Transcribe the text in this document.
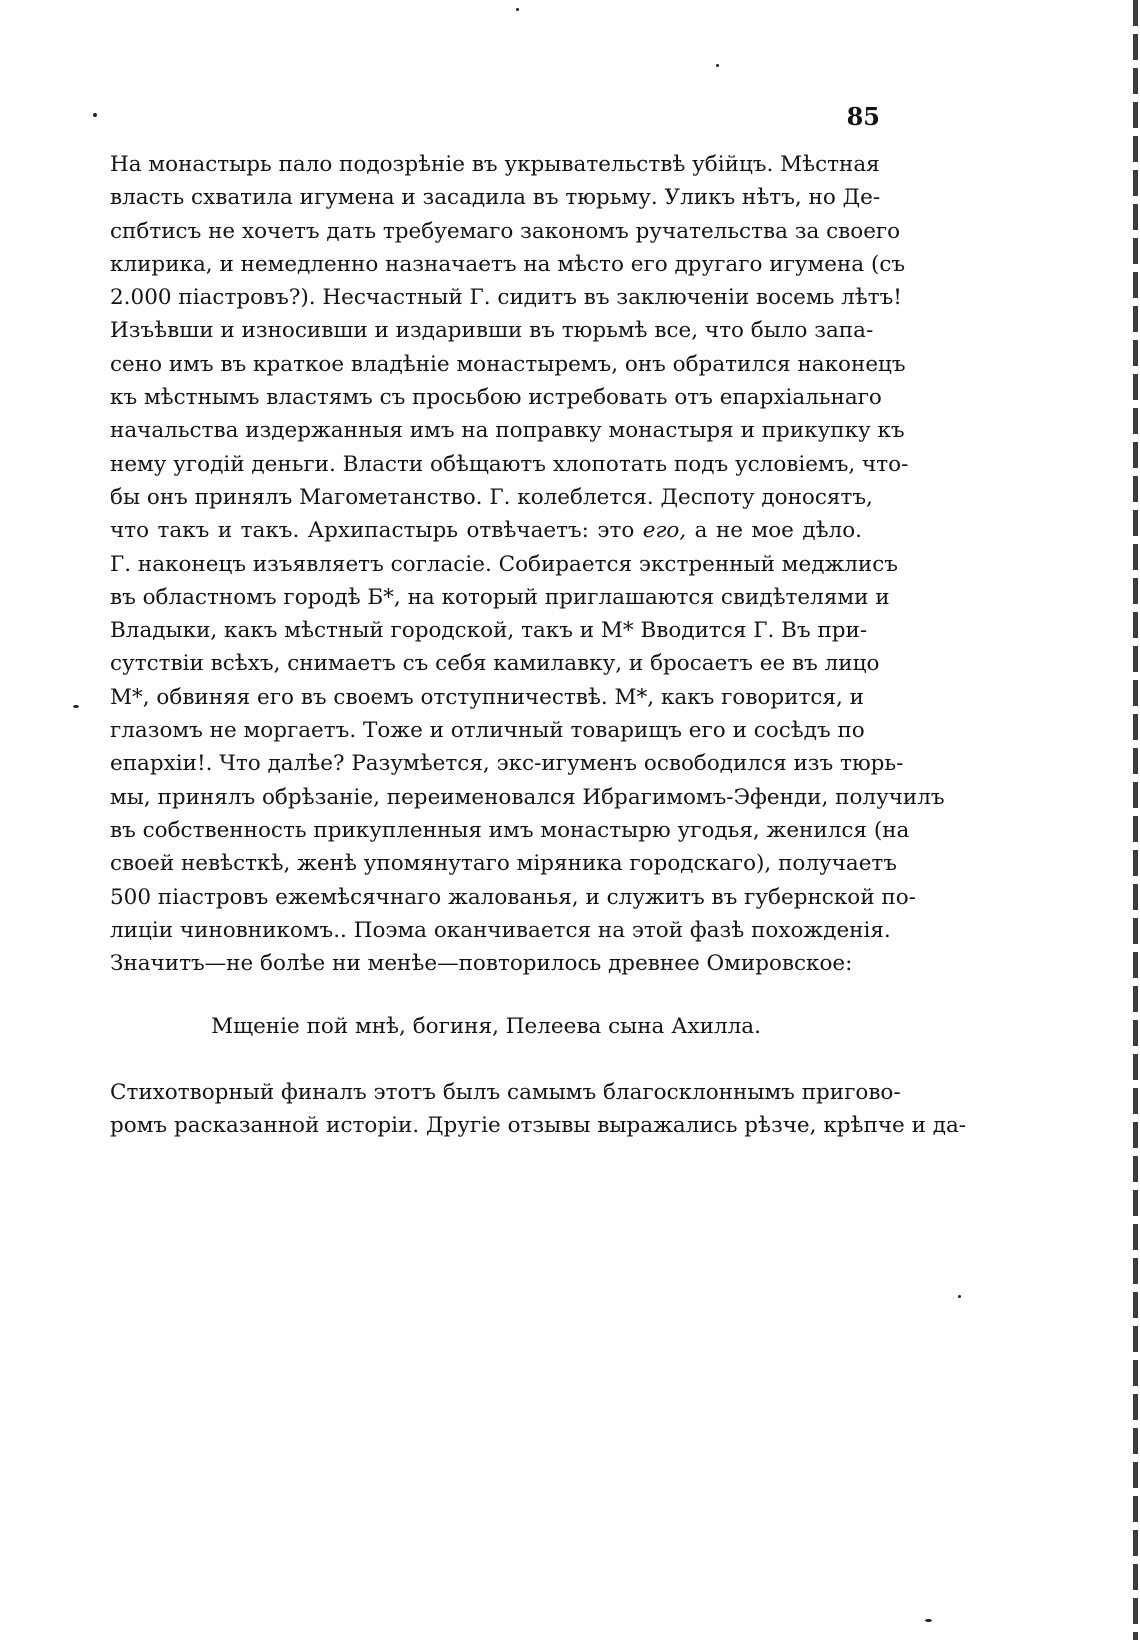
85
На монастырь пало подозрѣніе въ укрывательствѣ убійцъ. Мѣстная
власть схватила игумена и засадила въ тюрьму. Уликъ нѣтъ, но Де-
спбтисъ не хочетъ дать требуемаго закономъ ручательства за своего
клирика, и немедленно назначаетъ на мѣсто его другаго игумена (съ
2.000 піастровъ?). Несчастный Г. сидитъ въ заключеніи восемь лѣтъ!
Изъѣвши и износивши и издаривши въ тюрьмѣ все, что было запа-
сено имъ въ краткое владѣніе монастыремъ, онъ обратился наконецъ
къ мѣстнымъ властямъ съ просьбою истребовать отъ епархіальнаго
начальства издержанныя имъ на поправку монастыря и прикупку къ
нему угодій деньги. Власти обѣщаютъ хлопотать подъ условіемъ, что-
бы онъ принялъ Магометанство. Г. колеблется. Деспоту доносятъ,
что такъ и такъ. Архипастырь отвѣчаетъ: это его, а не мое дѣло.
Г. наконецъ изъявляетъ согласіе. Собирается экстренный меджлисъ
въ областномъ городѣ Б*, на который приглашаются свидѣтелями и
Владыки, какъ мѣстный городской, такъ и М* Вводится Г. Въ при-
сутствіи всѣхъ, снимаетъ съ себя камилавку, и бросаетъ ее въ лицо
М*, обвиняя его въ своемъ отступничествѣ. М*, какъ говорится, и
глазомъ не моргаетъ. Тоже и отличный товарищъ его и сосѣдъ по
епархіи!. Что далѣе? Разумѣется, экс-игуменъ освободился изъ тюрь-
мы, принялъ обрѣзаніе, переименовался Ибрагимомъ-Эфенди, получилъ
въ собственность прикупленныя имъ монастырю угодья, женился (на
своей невѣсткѣ, женѣ упомянутаго міряника городскаго), получаетъ
500 піастровъ ежемѣсячнаго жалованья, и служитъ въ губернской по-
лиціи чиновникомъ.. Поэма оканчивается на этой фазѣ похожденія.
Значитъ—не болѣе ни менѣе—повторилось древнее Омировское:
Мщеніе пой мнѣ, богиня, Пелеева сына Ахилла.
Стихотворный финалъ этотъ былъ самымъ благосклоннымъ пригово-
ромъ расказанной исторіи. Другіе отзывы выражались рѣзче, крѣпче и да-
